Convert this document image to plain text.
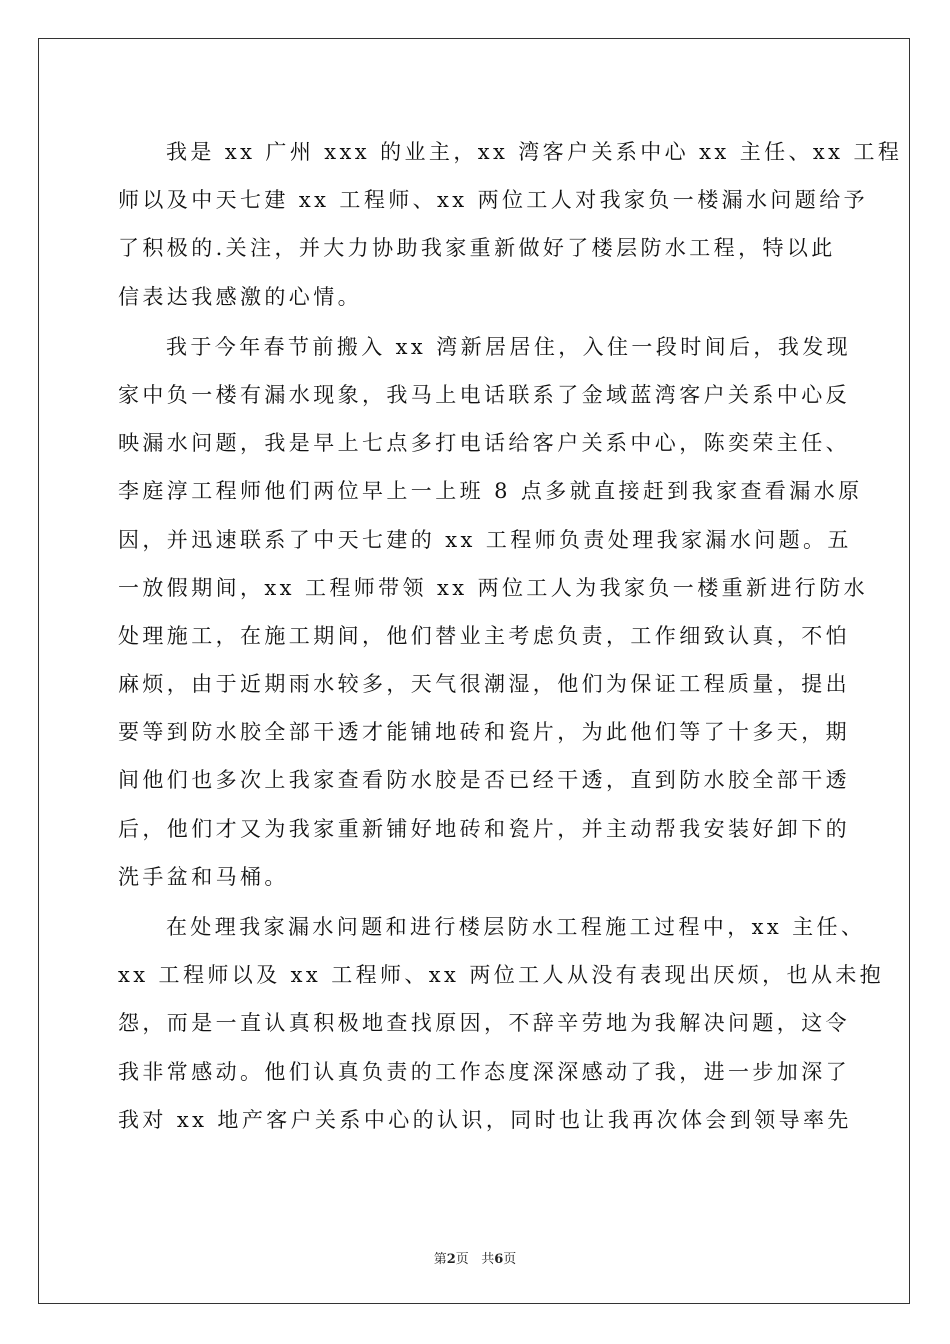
我是 xx 广州 xxx 的业主，xx 湾客户关系中心 xx 主任、xx 工程
师以及中天七建 xx 工程师、xx 两位工人对我家负一楼漏水问题给予
了积极的.关注，并大力协助我家重新做好了楼层防水工程，特以此
信表达我感激的心情。
我于今年春节前搬入 xx 湾新居居住，入住一段时间后，我发现
家中负一楼有漏水现象，我马上电话联系了金域蓝湾客户关系中心反
映漏水问题，我是早上七点多打电话给客户关系中心，陈奕荣主任、
李庭淳工程师他们两位早上一上班 8 点多就直接赶到我家查看漏水原
因，并迅速联系了中天七建的 xx 工程师负责处理我家漏水问题。五
一放假期间，xx 工程师带领 xx 两位工人为我家负一楼重新进行防水
处理施工，在施工期间，他们替业主考虑负责，工作细致认真，不怕
麻烦，由于近期雨水较多，天气很潮湿，他们为保证工程质量，提出
要等到防水胶全部干透才能铺地砖和瓷片，为此他们等了十多天，期
间他们也多次上我家查看防水胶是否已经干透，直到防水胶全部干透
后，他们才又为我家重新铺好地砖和瓷片，并主动帮我安装好卸下的
洗手盆和马桶。
在处理我家漏水问题和进行楼层防水工程施工过程中，xx 主任、
xx 工程师以及 xx 工程师、xx 两位工人从没有表现出厌烦，也从未抱
怨，而是一直认真积极地查找原因，不辞辛劳地为我解决问题，这令
我非常感动。他们认真负责的工作态度深深感动了我，进一步加深了
我对 xx 地产客户关系中心的认识，同时也让我再次体会到领导率先
第2页 共6页
